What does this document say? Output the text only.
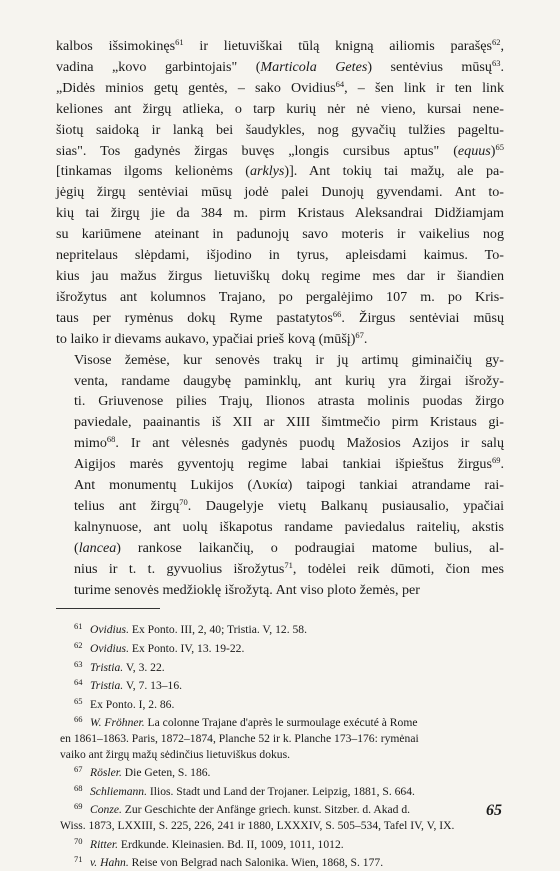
kalbos išsimokinęs$^{61}$ ir lietuviškai tūlą knigną ailiomis parašęs$^{62}$,
vadina „kovo garbintojais" (Marticola Getes) sentėvius mūsų$^{63}$.
„Didės minios getų gentės, – sako Ovidius$^{64}$, – šen link ir ten link
keliones ant žirgų atlieka, o tarp kurių nėr nė vieno, kursai nene-
šiotų saidoką ir lanką bei šaudykles, nog gyvačių tulžies pageltu-
sias". Tos gadynės žirgas buvęs „longis cursibus aptus" (equus)$^{65}$
[tinkamas ilgoms kelionėms (arklys)]. Ant tokių tai mažų, ale pa-
jėgių žirgų sentėviai mūsų jodė palei Dunojų gyvendami. Ant to-
kių tai žirgų jie da 384 m. pirm Kristaus Aleksandrai Didžiamjam
su kariūmene ateinant in padunojų savo moteris ir vaikelius nog
nepritelaus slėpdami, išjodino in tyrus, apleisdami kaimus. To-
kius jau mažus žirgus lietuviškų dokų regime mes dar ir šiandien
išrožytus ant kolumnos Trajano, po pergalėjimo 107 m. po Kris-
taus per rymėnus dokų Ryme pastatytos$^{66}$. Žirgus sentėviai mūsų
to laiko ir dievams aukavo, ypačiai prieš kovą (mūšį)$^{67}$.

Visose žemėse, kur senovės trakų ir jų artimų giminaičių gy-
venta, randame daugybę paminklų, ant kurių yra žirgai išrožy-
ti. Griuvenose pilies Trajų, Ilionos atrasta molinis puodas žirgo
paviedale, paainantis iš XII ar XIII šimtmečio pirm Kristaus gi-
mimo$^{68}$. Ir ant vėlesnės gadynės puodų Mažosios Azijos ir salų
Aigijos marės gyventojų regime labai tankiai išpieštus žirgus$^{69}$.
Ant monumentų Lukijos (Λυκία) taipogi tankiai atrandame rai-
telius ant žirgų$^{70}$. Daugelyje vietų Balkanų pusiausalio, ypačiai
kalnynuose, ant uolų iškapotus randame paviedalus raitelių, akstis
(lancea) rankose laikančių, o podraugiai matome bulius, al-
nius ir t. t. gyvuolius išrožytus$^{71}$, todėlei reik dūmoti, čion mes
turime senovės medžioklę išrožytą. Ant viso ploto žemės, per

61 Ovidius. Ex Ponto. III, 2, 40; Tristia. V, 12. 58.
62 Ovidius. Ex Ponto. IV, 13. 19-22.
63 Tristia. V, 3. 22.
64 Tristia. V, 7. 13–16.
65 Ex Ponto. I, 2. 86.
66 W. Fröhner. La colonne Trajane d'après le surmoulage exécuté à Rome
en 1861–1863. Paris, 1872–1874, Planche 52 ir k. Planche 173–176: rymėnai
vaiko ant žirgų mažų sėdinčius lietuviškus dokus.
67 Rösler. Die Geten, S. 186.
68 Schliemann. Ilios. Stadt und Land der Trojaner. Leipzig, 1881, S. 664.
69 Conze. Zur Geschichte der Anfänge griech. kunst. Sitzber. d. Akad d.
Wiss. 1873, LXXIII, S. 225, 226, 241 ir 1880, LXXXIV, S. 505–534, Tafel IV, V, IX.
70 Ritter. Erdkunde. Kleinasien. Bd. II, 1009, 1011, 1012.
71 v. Hahn. Reise von Belgrad nach Salonika. Wien, 1868, S. 177.
65
